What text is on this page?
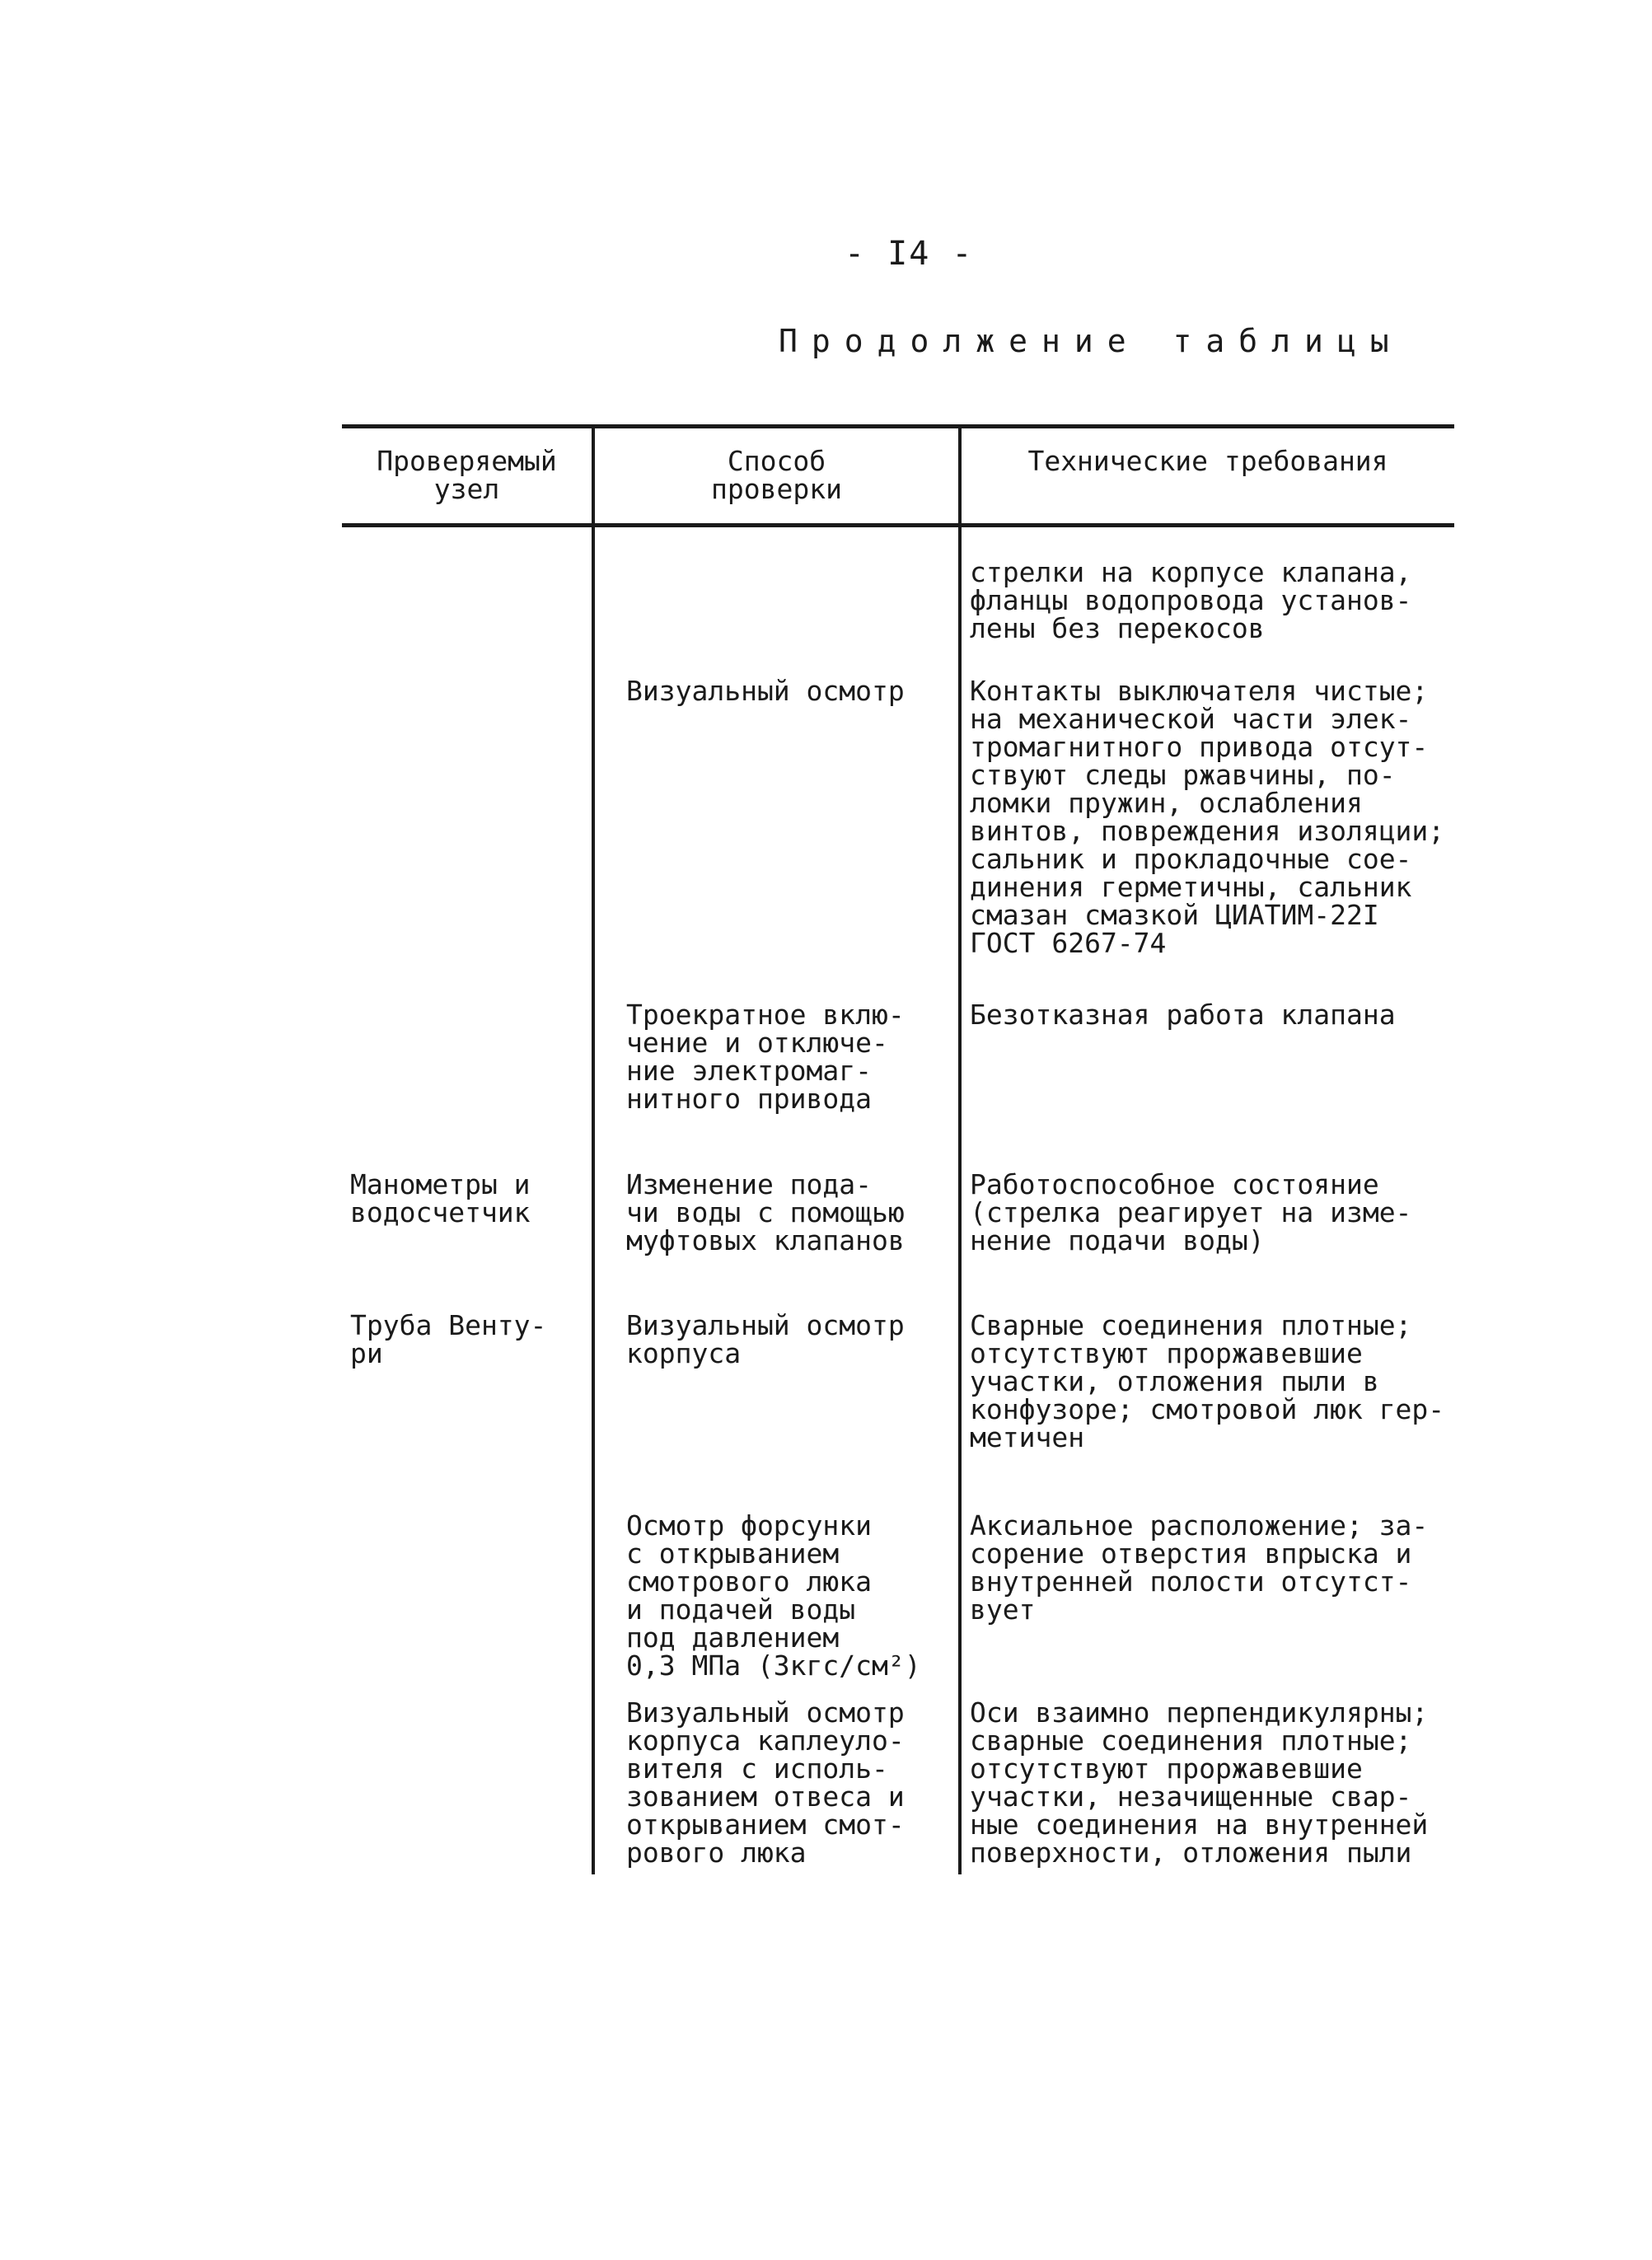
- I4 -
Продолжение таблицы
Проверяемый
узел
Способ
проверки
Технические требования
стрелки на корпусе клапана,
фланцы водопровода установ-
лены без перекосов
Визуальный осмотр	Контакты выключателя чистые;
на механической части элек-
тромагнитного привода отсут-
ствуют следы ржавчины, по-
ломки пружин, ослабления
винтов, повреждения изоляции;
сальник и прокладочные сое-
динения герметичны, сальник
смазан смазкой ЦИАТИМ-22I
ГОСТ 6267-74
Троекратное вклю-
чение и отключе-
ние электромаг-
нитного привода
Безотказная работа клапана
Манометры и
водосчетчик
Изменение пода-
чи воды с помощью
муфтовых клапанов
Работоспособное состояние
(стрелка реагирует на изме-
нение подачи воды)
Труба Венту-
ри
Визуальный осмотр
корпуса
Сварные соединения плотные;
отсутствуют проржавевшие
участки, отложения пыли в
конфузоре; смотровой люк гер-
метичен
Осмотр форсунки
с открыванием
смотрового люка
и подачей воды
под давлением
0,3 МПа (3кгс/см²)
Аксиальное расположение; за-
сорение отверстия впрыска и
внутренней полости отсутст-
вует
Визуальный осмотр
корпуса каплеуло-
вителя с исполь-
зованием отвеса и
открыванием смот-
рового люка
Оси взаимно перпендикулярны;
сварные соединения плотные;
отсутствуют проржавевшие
участки, незачищенные свар-
ные соединения на внутренней
поверхности, отложения пыли
